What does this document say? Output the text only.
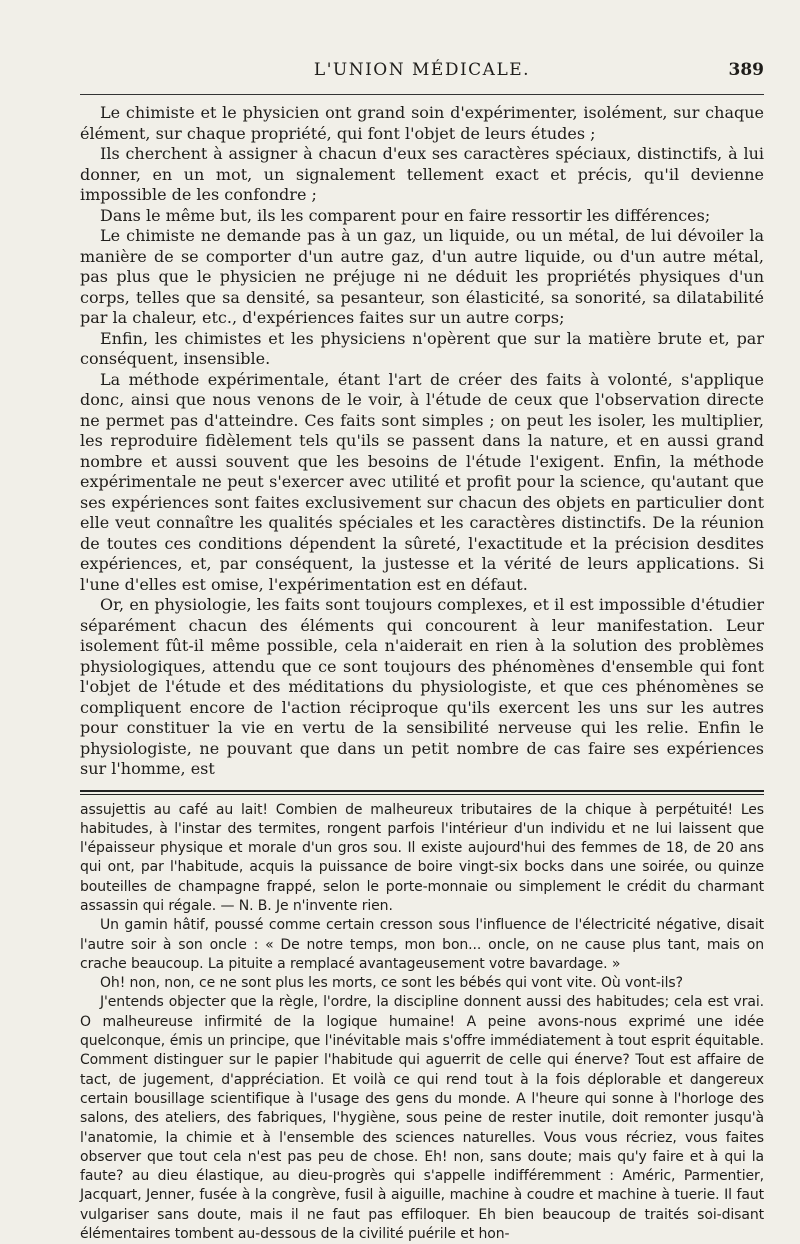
L'UNION MÉDICALE.	389

Le chimiste et le physicien ont grand soin d'expérimenter, isolément, sur chaque élément, sur chaque propriété, qui font l'objet de leurs études ;

Ils cherchent à assigner à chacun d'eux ses caractères spéciaux, distinctifs, à lui donner, en un mot, un signalement tellement exact et précis, qu'il devienne impossible de les confondre ;

Dans le même but, ils les comparent pour en faire ressortir les différences;

Le chimiste ne demande pas à un gaz, un liquide, ou un métal, de lui dévoiler la manière de se comporter d'un autre gaz, d'un autre liquide, ou d'un autre métal, pas plus que le physicien ne préjuge ni ne déduit les propriétés physiques d'un corps, telles que sa densité, sa pesanteur, son élasticité, sa sonorité, sa dilatabilité par la chaleur, etc., d'expériences faites sur un autre corps;

Enfin, les chimistes et les physiciens n'opèrent que sur la matière brute et, par conséquent, insensible.

La méthode expérimentale, étant l'art de créer des faits à volonté, s'applique donc, ainsi que nous venons de le voir, à l'étude de ceux que l'observation directe ne permet pas d'atteindre. Ces faits sont simples ; on peut les isoler, les multiplier, les reproduire fidèlement tels qu'ils se passent dans la nature, et en aussi grand nombre et aussi souvent que les besoins de l'étude l'exigent. Enfin, la méthode expérimentale ne peut s'exercer avec utilité et profit pour la science, qu'autant que ses expériences sont faites exclusivement sur chacun des objets en particulier dont elle veut connaître les qualités spéciales et les caractères distinctifs. De la réunion de toutes ces conditions dépendent la sûreté, l'exactitude et la précision desdites expériences, et, par conséquent, la justesse et la vérité de leurs applications. Si l'une d'elles est omise, l'expérimentation est en défaut.

Or, en physiologie, les faits sont toujours complexes, et il est impossible d'étudier séparément chacun des éléments qui concourent à leur manifestation. Leur isolement fût-il même possible, cela n'aiderait en rien à la solution des problèmes physiologiques, attendu que ce sont toujours des phénomènes d'ensemble qui font l'objet de l'étude et des méditations du physiologiste, et que ces phénomènes se compliquent encore de l'action réciproque qu'ils exercent les uns sur les autres pour constituer la vie en vertu de la sensibilité nerveuse qui les relie. Enfin le physiologiste, ne pouvant que dans un petit nombre de cas faire ses expériences sur l'homme, est

assujettis au café au lait! Combien de malheureux tributaires de la chique à perpétuité! Les habitudes, à l'instar des termites, rongent parfois l'intérieur d'un individu et ne lui laissent que l'épaisseur physique et morale d'un gros sou. Il existe aujourd'hui des femmes de 18, de 20 ans qui ont, par l'habitude, acquis la puissance de boire vingt-six bocks dans une soirée, ou quinze bouteilles de champagne frappé, selon le porte-monnaie ou simplement le crédit du charmant assassin qui régale. — N. B. Je n'invente rien.

Un gamin hâtif, poussé comme certain cresson sous l'influence de l'électricité négative, disait l'autre soir à son oncle : « De notre temps, mon bon... oncle, on ne cause plus tant, mais on crache beaucoup. La pituite a remplacé avantageusement votre bavardage. »

Oh! non, non, ce ne sont plus les morts, ce sont les bébés qui vont vite. Où vont-ils?

J'entends objecter que la règle, l'ordre, la discipline donnent aussi des habitudes; cela est vrai. O malheureuse infirmité de la logique humaine! A peine avons-nous exprimé une idée quelconque, émis un principe, que l'inévitable mais s'offre immédiatement à tout esprit équitable. Comment distinguer sur le papier l'habitude qui aguerrit de celle qui énerve? Tout est affaire de tact, de jugement, d'appréciation. Et voilà ce qui rend tout à la fois déplorable et dangereux certain bousillage scientifique à l'usage des gens du monde. A l'heure qui sonne à l'horloge des salons, des ateliers, des fabriques, l'hygiène, sous peine de rester inutile, doit remonter jusqu'à l'anatomie, la chimie et à l'ensemble des sciences naturelles. Vous vous récriez, vous faites observer que tout cela n'est pas peu de chose. Eh! non, sans doute; mais qu'y faire et à qui la faute? au dieu élastique, au dieu-progrès qui s'appelle indifféremment : Améric, Parmentier, Jacquart, Jenner, fusée à la congrève, fusil à aiguille, machine à coudre et machine à tuerie. Il faut vulgariser sans doute, mais il ne faut pas effiloquer. Eh bien beaucoup de traités soi-disant élémentaires tombent au-dessous de la civilité puérile et hon-
